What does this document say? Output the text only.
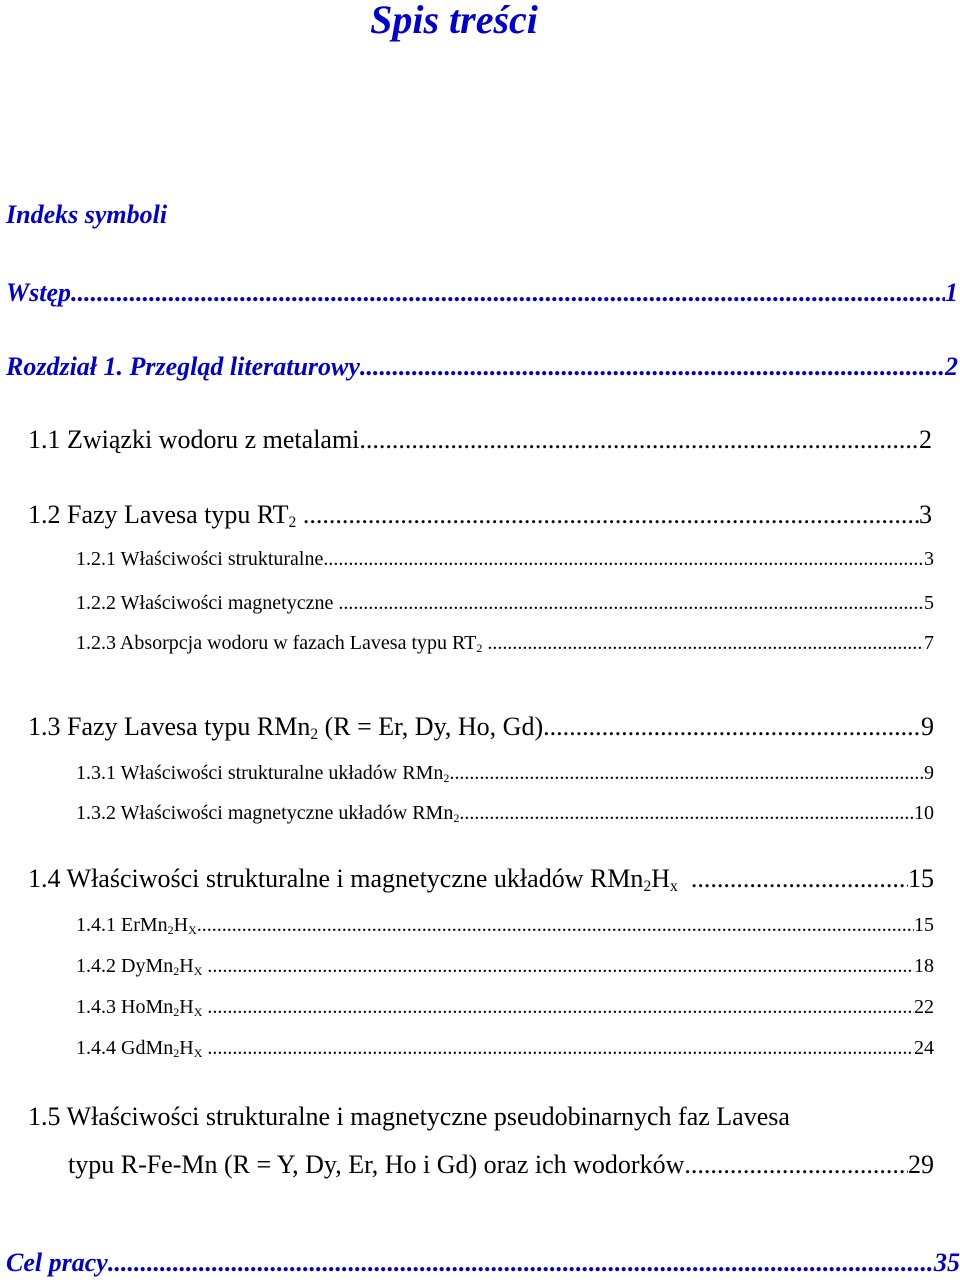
Spis treści
Indeks symboli
Wstęp .....	1
Rozdział 1. Przegląd literaturowy .....	2
1.1 Związki wodoru z metalami .....	2
1.2 Fazy Lavesa typu $RT_2$ .....	3
1.2.1 Właściwości strukturalne .....	3
1.2.2 Właściwości magnetyczne .....	5
1.2.3 Absorpcja wodoru w fazach Lavesa typu $RT_2$ .....	7
1.3 Fazy Lavesa typu RMn$_2$ (R = Er, Dy, Ho, Gd) .....	9
1.3.1 Właściwości strukturalne układów RMn$_2$ .....	9
1.3.2 Właściwości magnetyczne układów RMn$_2$ .....	10
1.4 Właściwości strukturalne i magnetyczne układów $RMn_2H_x$ .....	15
1.4.1 $ErMn_2H_X$ .....	15
1.4.2 $DyMn_2H_X$ .....	18
1.4.3 $HoMn_2H_X$ .....	22
1.4.4 $GdMn_2H_X$ .....	24
1.5 Właściwości strukturalne i magnetyczne pseudobinarnych faz Lavesa
typu R-Fe-Mn (R = Y, Dy, Er, Ho i Gd) oraz ich wodorków .....	29
Cel pracy .....	35
